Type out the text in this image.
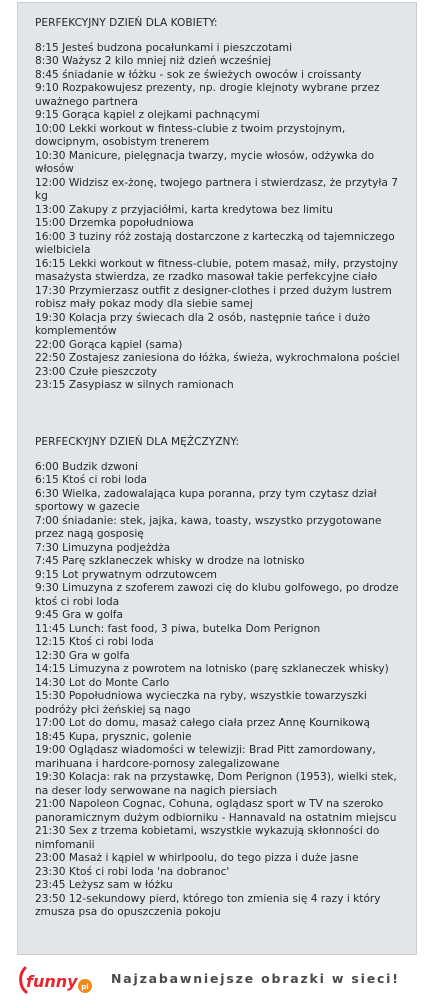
PERFEKCYJNY DZIEŃ DLA KOBIETY:
8:15 Jesteś budzona pocałunkami i pieszczotami
8:30 Ważysz 2 kilo mniej niż dzień wcześniej
8:45 śniadanie w łóżku - sok ze świeżych owoców i croissanty
9:10 Rozpakowujesz prezenty, np. drogie klejnoty wybrane przez uważnego partnera
9:15 Gorąca kąpiel z olejkami pachnącymi
10:00 Lekki workout w fintess-clubie z twoim przystojnym, dowcipnym, osobistym trenerem
10:30 Manicure, pielęgnacja twarzy, mycie włosów, odżywka do włosów
12:00 Widzisz ex-żonę, twojego partnera i stwierdzasz, że przytyła 7 kg
13:00 Zakupy z przyjaciółmi, karta kredytowa bez limitu
15:00 Drzemka popołudniowa
16:00 3 tuziny róż zostają dostarczone z karteczką od tajemniczego wielbiciela
16:15 Lekki workout w fitness-clubie, potem masaż, miły, przystojny masażysta stwierdza, ze rzadko masował takie perfekcyjne ciało
17:30 Przymierzasz outfit z designer-clothes i przed dużym lustrem robisz mały pokaz mody dla siebie samej
19:30 Kolacja przy świecach dla 2 osób, następnie tańce i dużo komplementów
22:00 Gorąca kąpiel (sama)
22:50 Zostajesz zaniesiona do łóżka, świeża, wykrochmalona pościel
23:00 Czułe pieszczoty
23:15 Zasypiasz w silnych ramionach
PERFECKYJNY DZIEŃ DLA MĘŻCZYZNY:
6:00 Budzik dzwoni
6:15 Ktoś ci robi loda
6:30 Wielka, zadowalająca kupa poranna, przy tym czytasz dział sportowy w gazecie
7:00 śniadanie: stek, jajka, kawa, toasty, wszystko przygotowane przez nagą gosposię
7:30 Limuzyna podjeżdża
7:45 Parę szklaneczek whisky w drodze na lotnisko
9:15 Lot prywatnym odrzutowcem
9:30 Limuzyna z szoferem zawozi cię do klubu golfowego, po drodze ktoś ci robi loda
9:45 Gra w golfa
11:45 Lunch: fast food, 3 piwa, butelka Dom Perignon
12:15 Ktoś ci robi loda
12:30 Gra w golfa
14:15 Limuzyna z powrotem na lotnisko (parę szklaneczek whisky)
14:30 Lot do Monte Carlo
15:30 Popołudniowa wycieczka na ryby, wszystkie towarzyszki podróży płci żeńskiej są nago
17:00 Lot do domu, masaż całego ciała przez Annę Kournikową
18:45 Kupa, prysznic, golenie
19:00 Oglądasz wiadomości w telewizji: Brad Pitt zamordowany, marihuana i hardcore-pornosy zalegalizowane
19:30 Kolacja: rak na przystawkę, Dom Perignon (1953), wielki stek, na deser lody serwowane na nagich piersiach
21:00 Napoleon Cognac, Cohuna, oglądasz sport w TV na szeroko panoramicznym dużym odbiorniku - Hannavald na ostatnim miejscu
21:30 Sex z trzema kobietami, wszystkie wykazują skłonności do nimfomanii
23:00 Masaż i kąpiel w whirlpoolu, do tego pizza i duże jasne
23:30 Ktoś ci robi loda 'na dobranoc'
23:45 Leżysz sam w łóżku
23:50 12-sekundowy pierd, którego ton zmienia się 4 razy i który zmusza psa do opuszczenia pokoju
funny pl
Najzabawniejsze obrazki w sieci!
